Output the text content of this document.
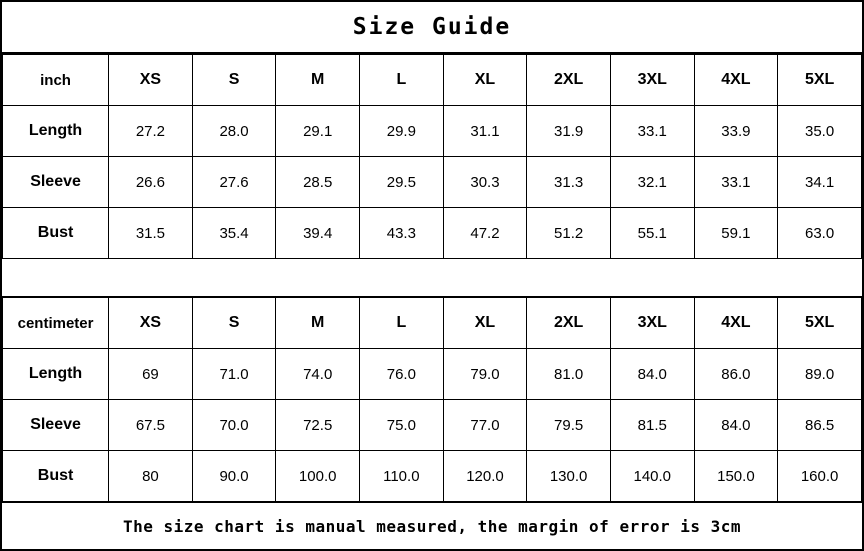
Size Guide
inch	XS	S	M	L	XL	2XL	3XL	4XL	5XL
Length	27.2	28.0	29.1	29.9	31.1	31.9	33.1	33.9	35.0
Sleeve	26.6	27.6	28.5	29.5	30.3	31.3	32.1	33.1	34.1
Bust	31.5	35.4	39.4	43.3	47.2	51.2	55.1	59.1	63.0
centimeter	XS	S	M	L	XL	2XL	3XL	4XL	5XL
Length	69	71.0	74.0	76.0	79.0	81.0	84.0	86.0	89.0
Sleeve	67.5	70.0	72.5	75.0	77.0	79.5	81.5	84.0	86.5
Bust	80	90.0	100.0	110.0	120.0	130.0	140.0	150.0	160.0
The size chart is manual measured, the margin of error is 3cm
